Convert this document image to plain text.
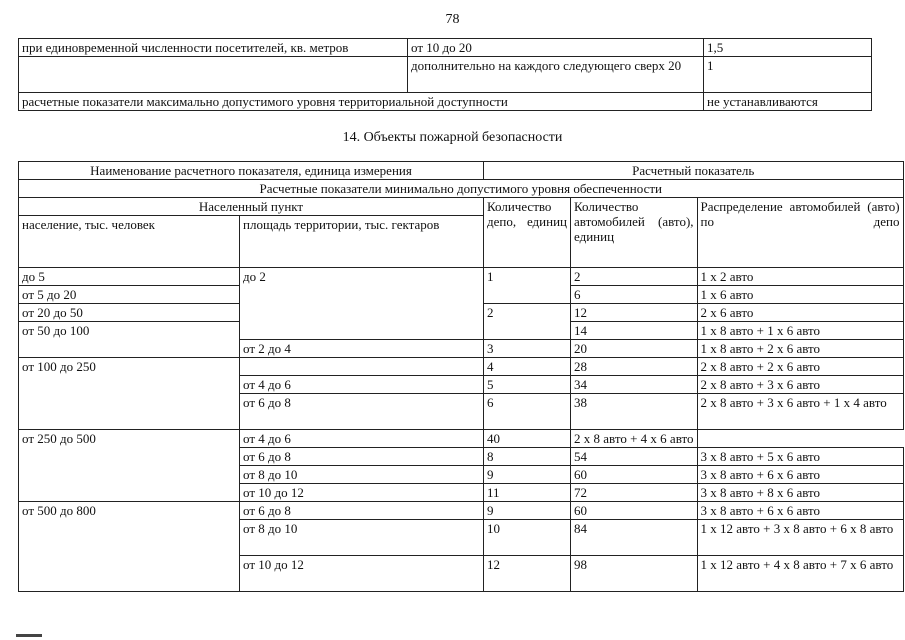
78
при единовременной численности посетителей, кв. метров	от 10 до 20	1,5
	дополнительно на каждого следующего сверх 20	1
расчетные показатели максимально допустимого уровня территориальной доступности		не устанавливаются
14. Объекты пожарной безопасности
Наименование расчетного показателя, единица измерения		Расчетный показатель		
Расчетные показатели минимально допустимого уровня обеспеченности				
Населенный пункт		Количество депо, единиц	Количество автомобилей (авто), единиц	Распределение автомобилей (авто) по депо
население, тыс. человек	площадь территории, тыс. гектаров			
до 5	до 2	1	2	1 х 2 авто
от 5 до 20			6	1 х 6 авто
от 20 до 50		2	12	2 х 6 авто
от 50 до 100			14	1 х 8 авто + 1 х 6 авто
	от 2 до 4	3	20	1 х 8 авто + 2 х 6 авто
от 100 до 250		4	28	2 х 8 авто + 2 х 6 авто
	от 4 до 6	5	34	2 х 8 авто + 3 х 6 авто
	от 6 до 8	6	38	2 х 8 авто + 3 х 6 авто + 1 х 4 авто

от 250 до 500	от 4 до 6	40	2 х 8 авто + 4 х 6 авто	
	от 6 до 8	8	54	3 х 8 авто + 5 х 6 авто
	от 8 до 10	9	60	3 х 8 авто + 6 х 6 авто
	от 10 до 12	11	72	3 х 8 авто + 8 х 6 авто
от 500 до 800	от 6 до 8	9	60	3 х 8 авто + 6 х 6 авто
	от 8 до 10	10	84	1 х 12 авто + 3 х 8 авто + 6 х 8 авто
	от 10 до 12	12	98	1 х 12 авто + 4 х 8 авто + 7 х 6 авто
